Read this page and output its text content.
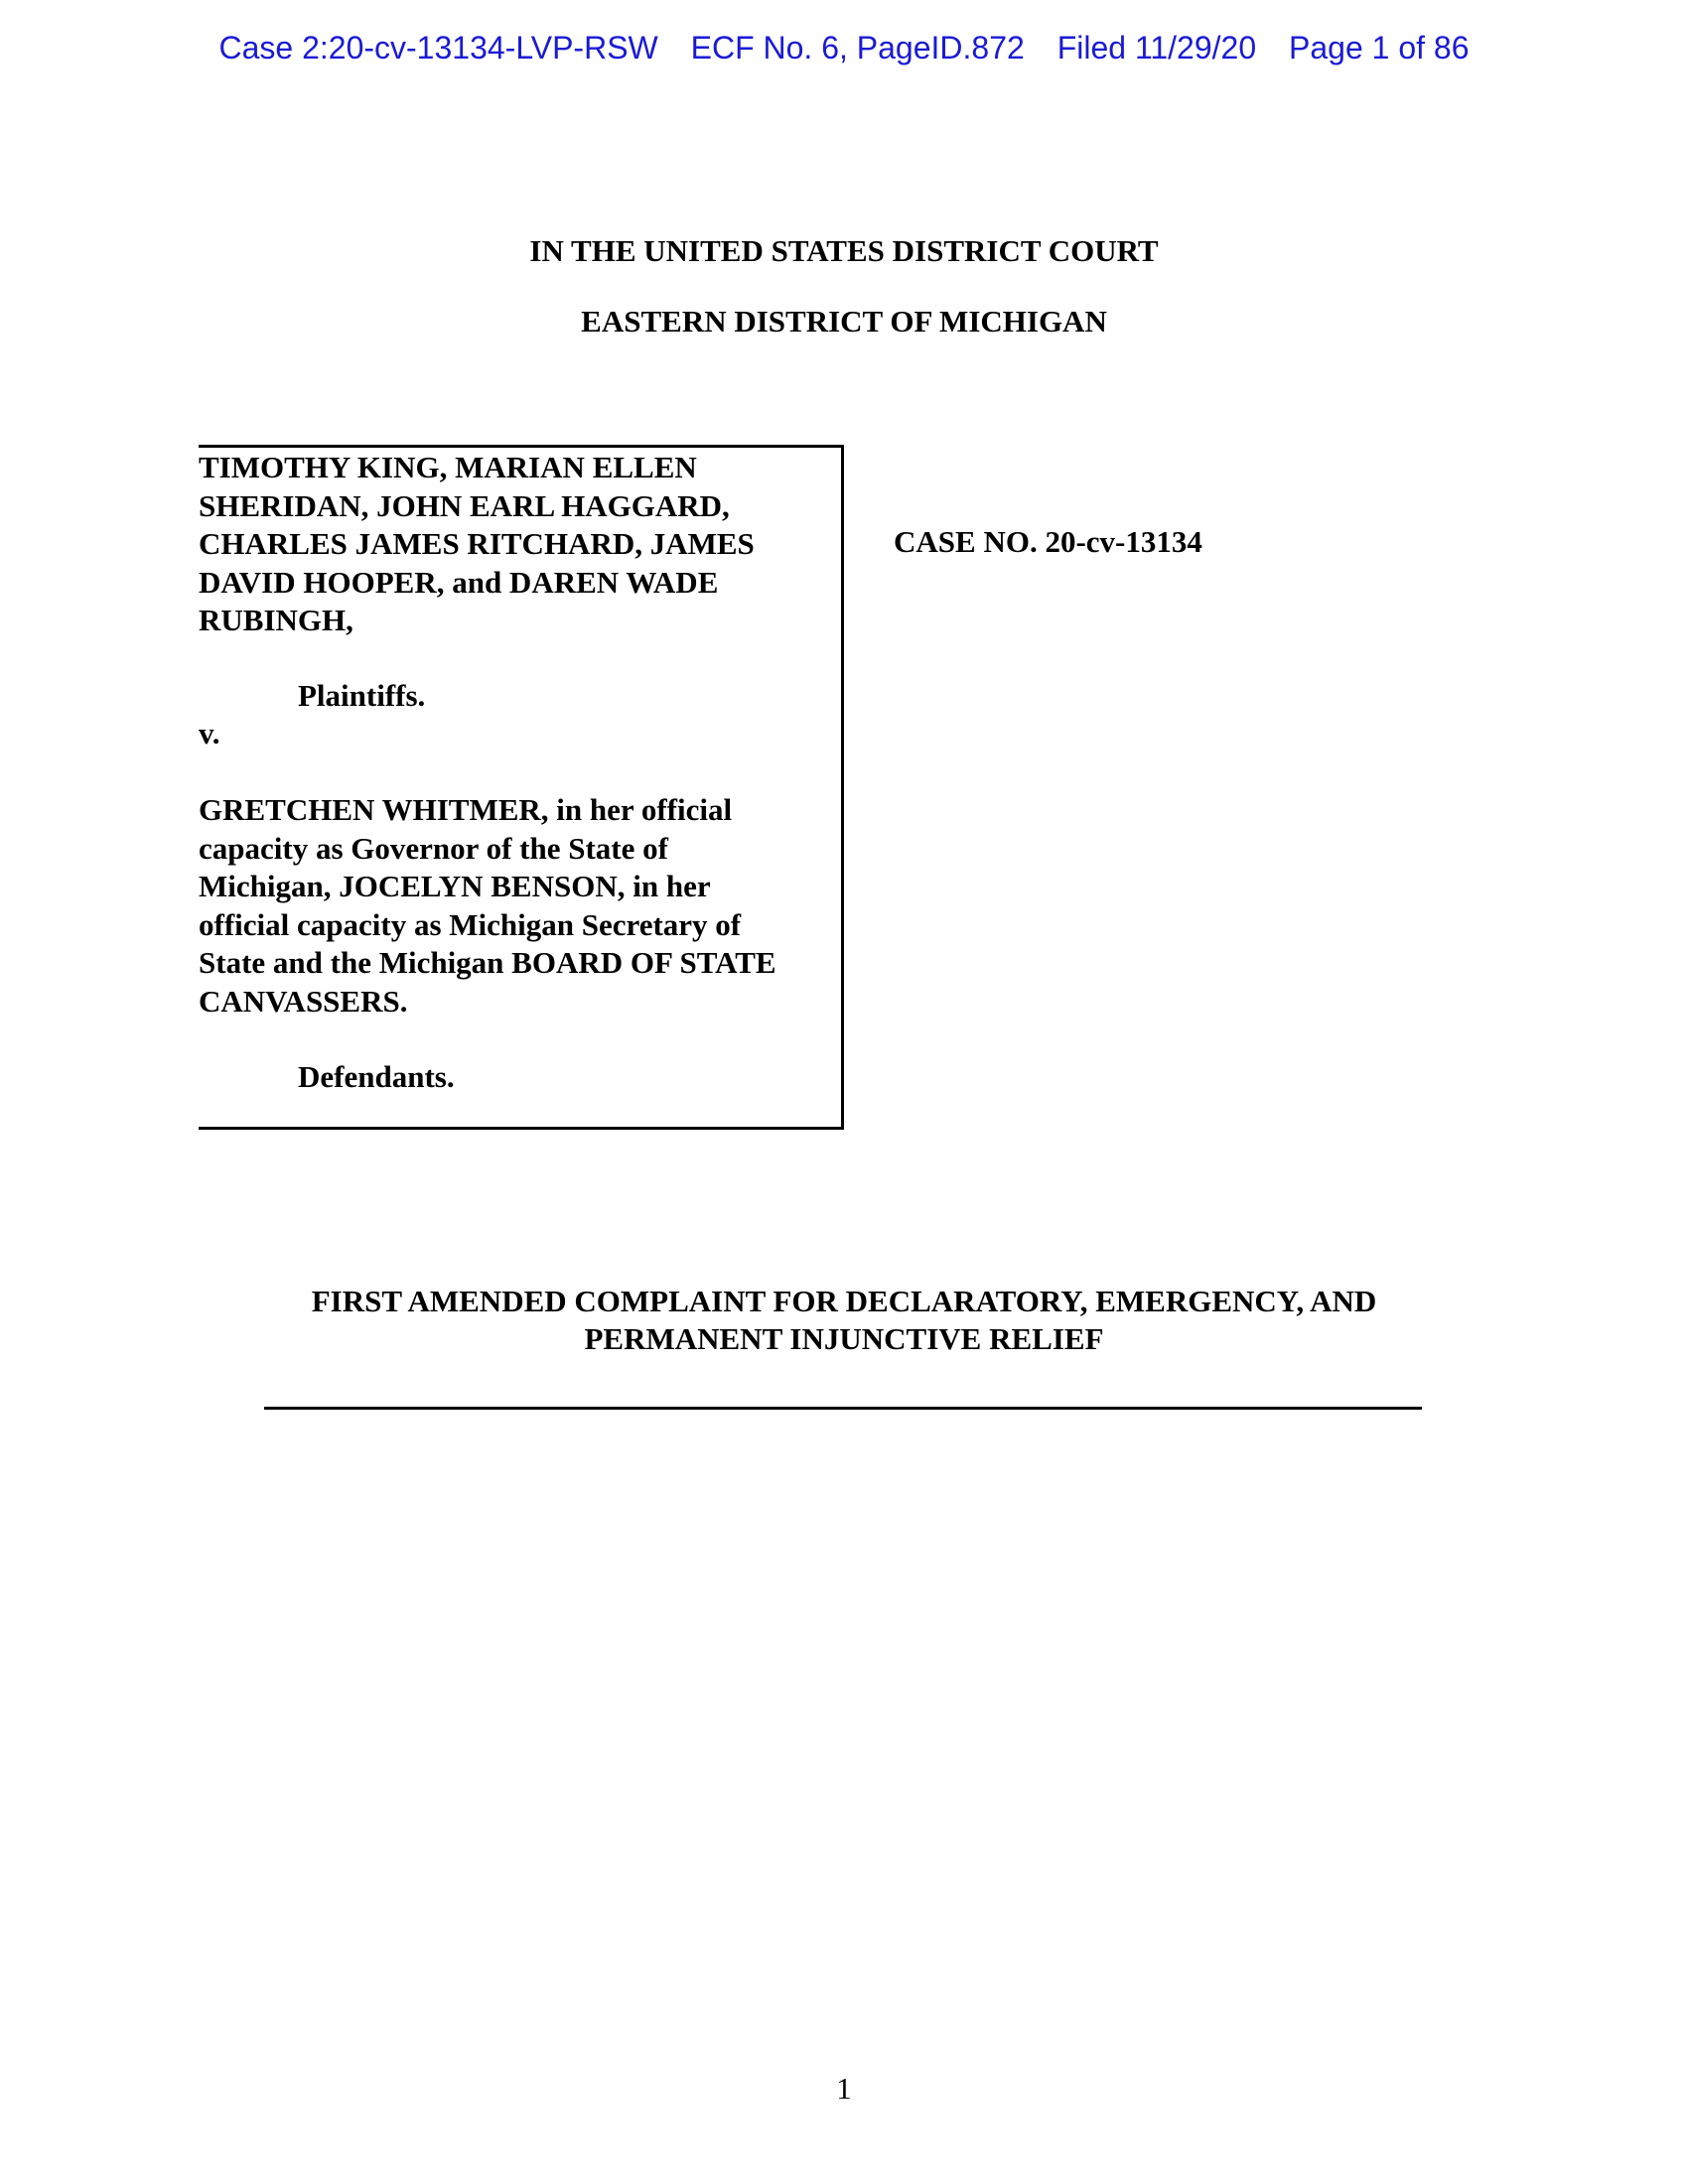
Case 2:20-cv-13134-LVP-RSW ECF No. 6, PageID.872 Filed 11/29/20 Page 1 of 86
IN THE UNITED STATES DISTRICT COURT
EASTERN DISTRICT OF MICHIGAN
TIMOTHY KING, MARIAN ELLEN
SHERIDAN, JOHN EARL HAGGARD,
CHARLES JAMES RITCHARD, JAMES
DAVID HOOPER, and DAREN WADE
RUBINGH,
Plaintiffs.
v.
GRETCHEN WHITMER, in her official
capacity as Governor of the State of
Michigan, JOCELYN BENSON, in her
official capacity as Michigan Secretary of
State and the Michigan BOARD OF STATE
CANVASSERS.
Defendants.
CASE NO. 20-cv-13134
FIRST AMENDED COMPLAINT FOR DECLARATORY, EMERGENCY, AND
PERMANENT INJUNCTIVE RELIEF
1
